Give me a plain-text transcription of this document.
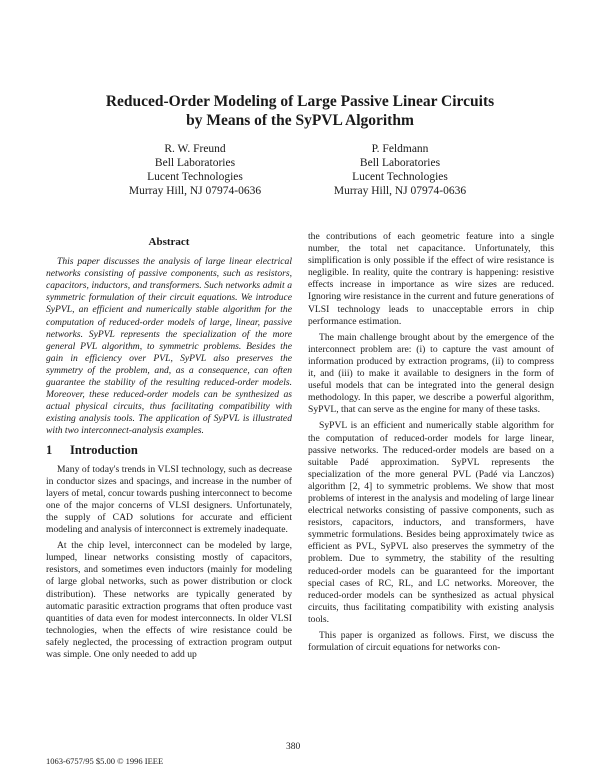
Reduced-Order Modeling of Large Passive Linear Circuits
by Means of the SyPVL Algorithm
R. W. Freund
Bell Laboratories
Lucent Technologies
Murray Hill, NJ 07974-0636
P. Feldmann
Bell Laboratories
Lucent Technologies
Murray Hill, NJ 07974-0636
Abstract

This paper discusses the analysis of large linear electrical networks consisting of passive components, such as resistors, capacitors, inductors, and transformers. Such networks admit a symmetric formulation of their circuit equations. We introduce SyPVL, an efficient and numerically stable algorithm for the computation of reduced-order models of large, linear, passive networks. SyPVL represents the specialization of the more general PVL algorithm, to symmetric problems. Besides the gain in efficiency over PVL, SyPVL also preserves the symmetry of the problem, and, as a consequence, can often guarantee the stability of the resulting reduced-order models. Moreover, these reduced-order models can be synthesized as actual physical circuits, thus facilitating compatibility with existing analysis tools. The application of SyPVL is illustrated with two interconnect-analysis examples.

1 Introduction

Many of today's trends in VLSI technology, such as decrease in conductor sizes and spacings, and increase in the number of layers of metal, concur towards pushing interconnect to become one of the major concerns of VLSI designers. Unfortunately, the supply of CAD solutions for accurate and efficient modeling and analysis of interconnect is extremely inadequate.

At the chip level, interconnect can be modeled by large, lumped, linear networks consisting mostly of capacitors, resistors, and sometimes even inductors (mainly for modeling of large global networks, such as power distribution or clock distribution). These networks are typically generated by automatic parasitic extraction programs that often produce vast quantities of data even for modest interconnects. In older VLSI technologies, when the effects of wire resistance could be safely neglected, the processing of extraction program output was simple. One only needed to add up

the contributions of each geometric feature into a single number, the total net capacitance. Unfortunately, this simplification is only possible if the effect of wire resistance is negligible. In reality, quite the contrary is happening: resistive effects increase in importance as wire sizes are reduced. Ignoring wire resistance in the current and future generations of VLSI technology leads to unacceptable errors in chip performance estimation.

The main challenge brought about by the emergence of the interconnect problem are: (i) to capture the vast amount of information produced by extraction programs, (ii) to compress it, and (iii) to make it available to designers in the form of useful models that can be integrated into the general design methodology. In this paper, we describe a powerful algorithm, SyPVL, that can serve as the engine for many of these tasks.

SyPVL is an efficient and numerically stable algorithm for the computation of reduced-order models for large linear, passive networks. The reduced-order models are based on a suitable Padé approximation. SyPVL represents the specialization of the more general PVL (Padé via Lanczos) algorithm [2, 4] to symmetric problems. We show that most problems of interest in the analysis and modeling of large linear electrical networks consisting of passive components, such as resistors, capacitors, inductors, and transformers, have symmetric formulations. Besides being approximately twice as efficient as PVL, SyPVL also preserves the symmetry of the problem. Due to symmetry, the stability of the resulting reduced-order models can be guaranteed for the important special cases of RC, RL, and LC networks. Moreover, the reduced-order models can be synthesized as actual physical circuits, thus facilitating compatibility with existing analysis tools.

This paper is organized as follows. First, we discuss the formulation of circuit equations for networks con-

380
1063-6757/95 $5.00 © 1996 IEEE
